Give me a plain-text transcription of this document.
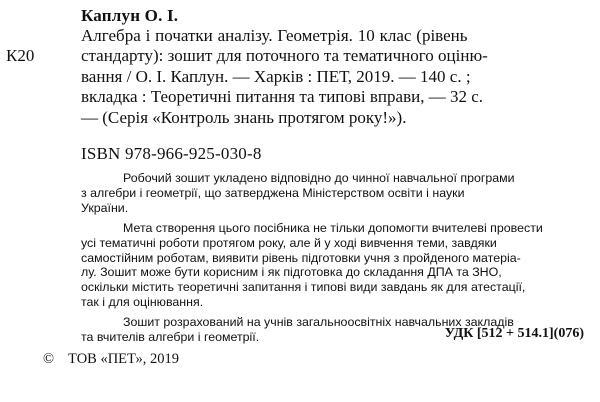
Каплун О. І.
К20
Алгебра і початки аналізу. Геометрія. 10 клас (рівень
стандарту): зошит для поточного та тематичного оціню-
вання / О. І. Каплун. — Харків : ПЕТ, 2019. — 140 с. ;
вкладка : Теоретичні питання та типові вправи, — 32 с.
— (Серія «Контроль знань протягом року!»).
ISBN 978-966-925-030-8
Робочий зошит укладено відповідно до чинної навчальної програми
з алгебри і геометрії, що затверджена Міністерством освіти і науки
України.
Мета створення цього посібника не тільки допомогти вчителеві провести
усі тематичні роботи протягом року, але й у ході вивчення теми, завдяки
самостійним роботам, виявити рівень підготовки учня з пройденого матеріа-
лу. Зошит може бути корисним і як підготовка до складання ДПА та ЗНО,
оскільки містить теоретичні запитання і типові види завдань як для атестації,
так і для оцінювання.
Зошит розрахований на учнів загальноосвітніх навчальних закладів
та вчителів алгебри і геометрії.	УДК [512 + 514.1](076)
© ТОВ «ПЕТ», 2019
